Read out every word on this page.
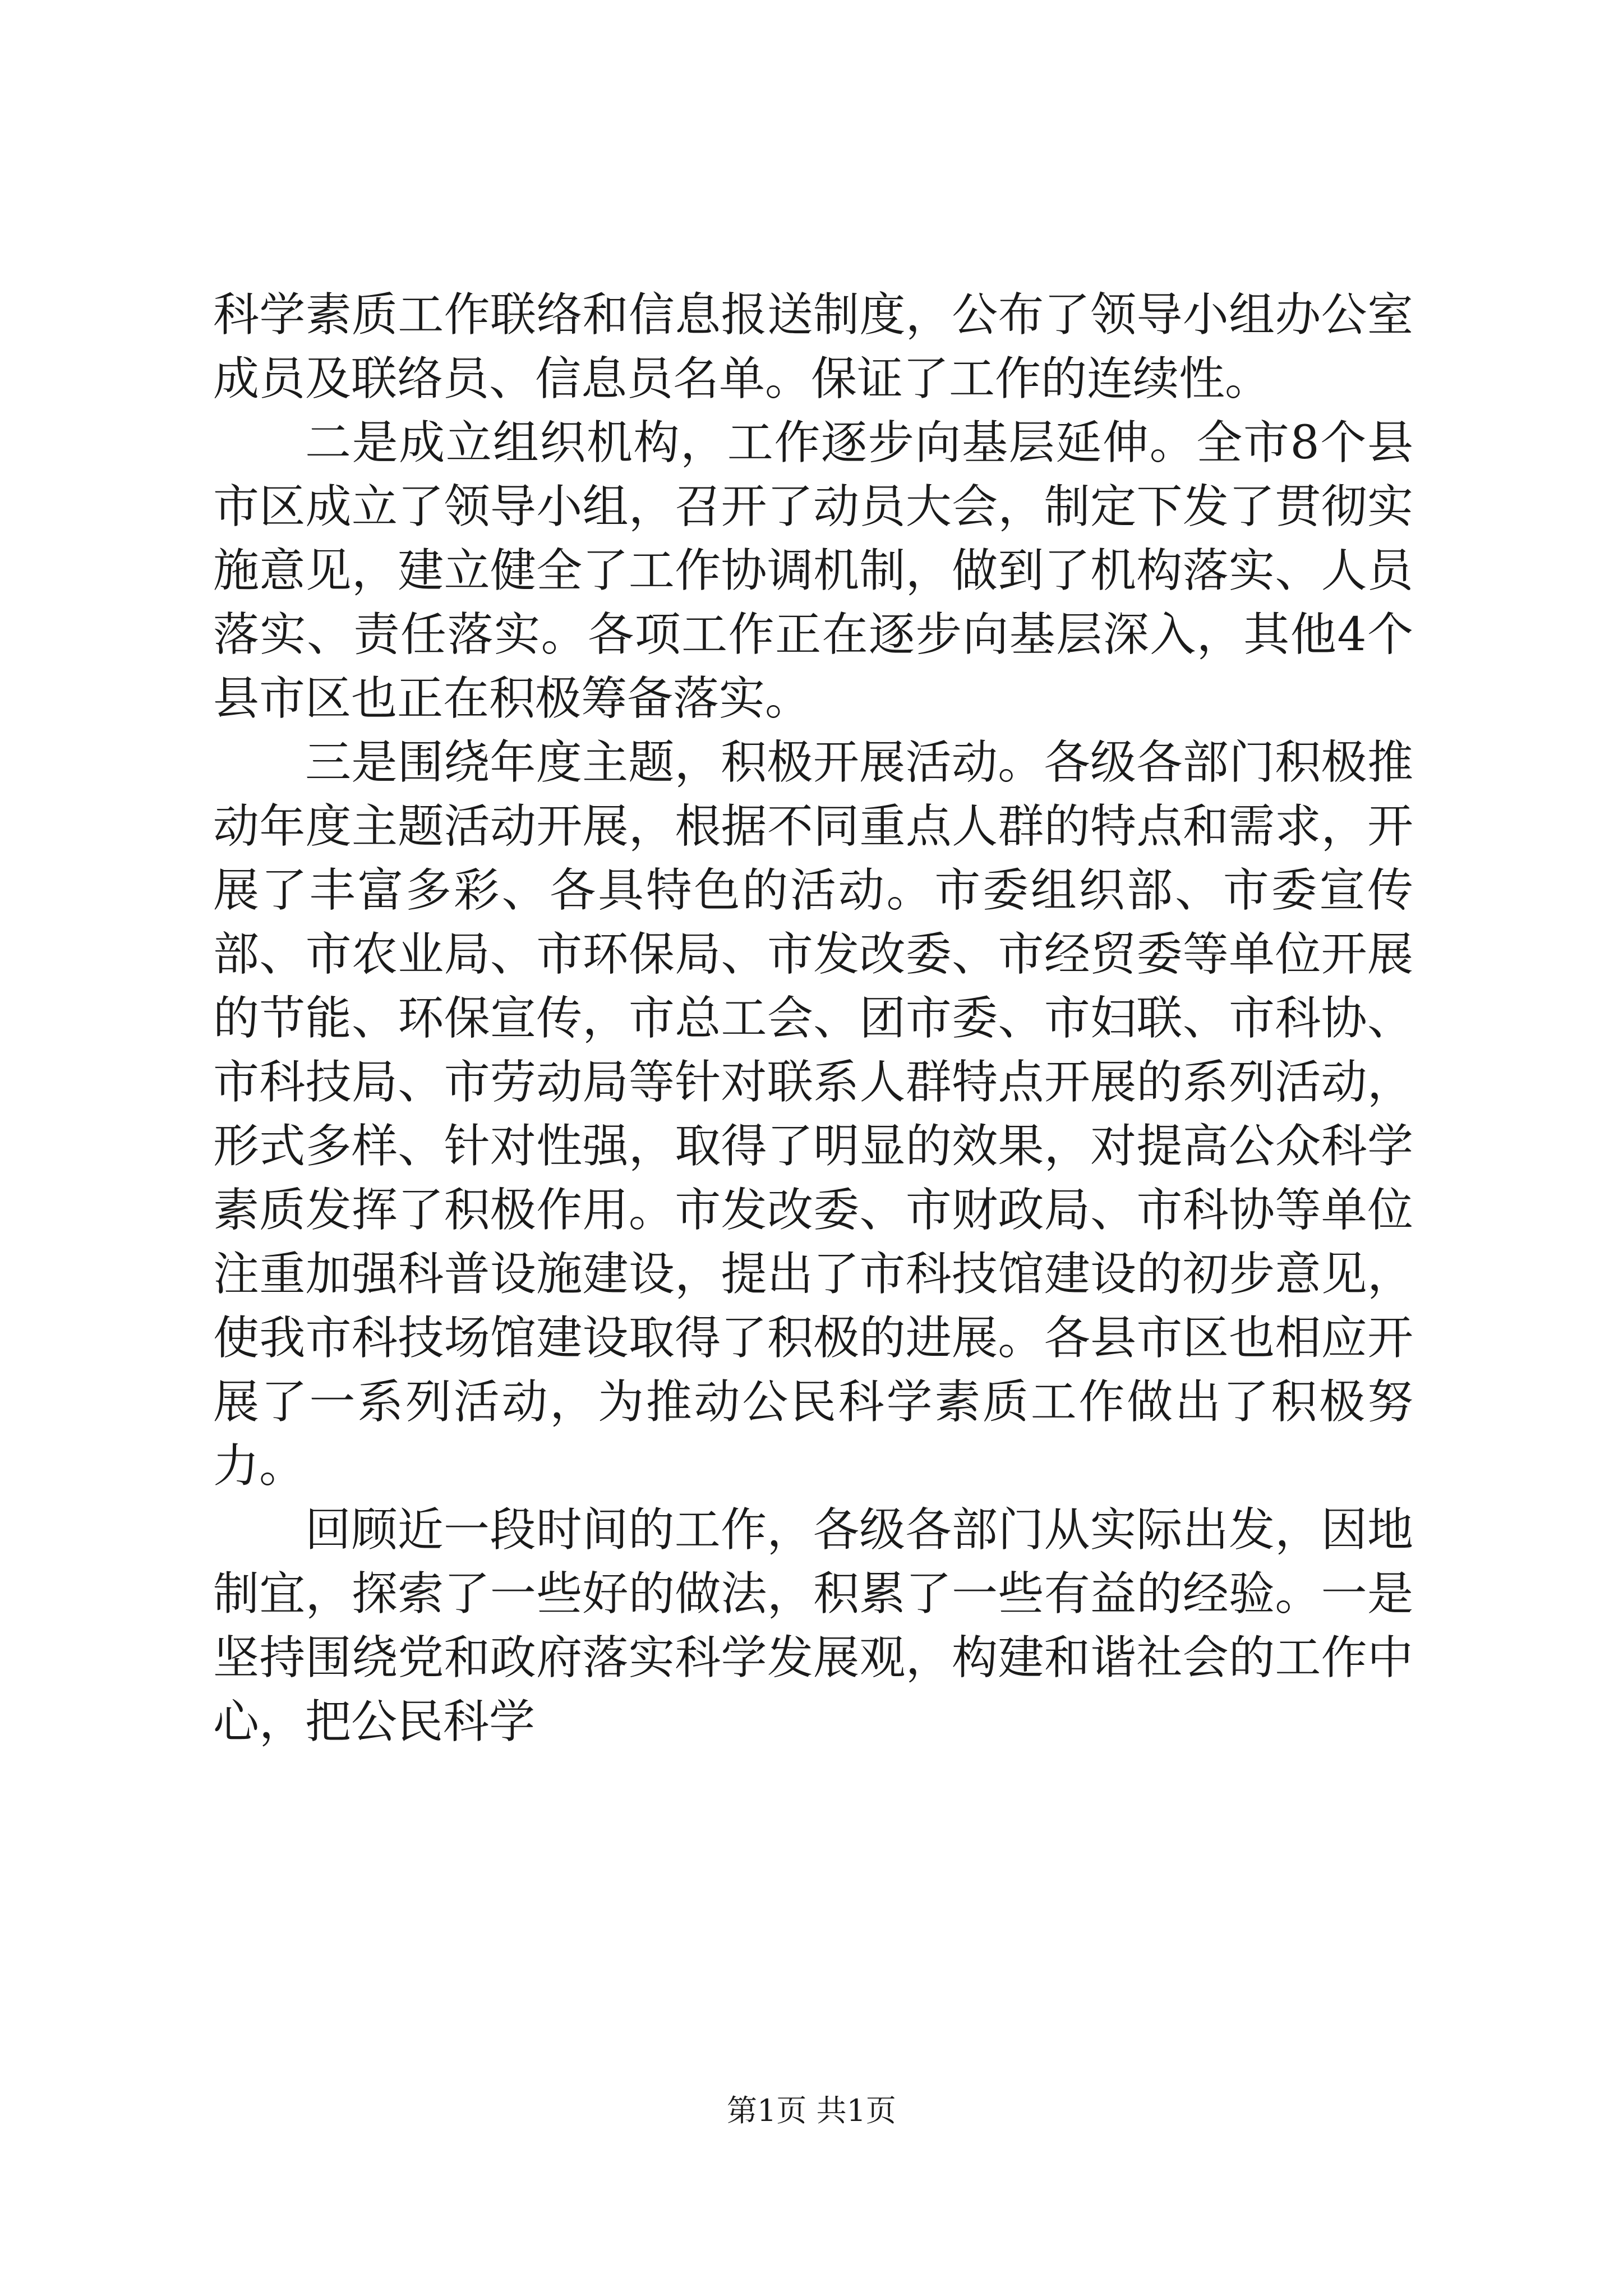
科学素质工作联络和信息报送制度，公布了领导小组办公室成员及联络员、信息员名单。保证了工作的连续性。

二是成立组织机构，工作逐步向基层延伸。全市8个县市区成立了领导小组，召开了动员大会，制定下发了贯彻实施意见，建立健全了工作协调机制，做到了机构落实、人员落实、责任落实。各项工作正在逐步向基层深入，其他4个县市区也正在积极筹备落实。

三是围绕年度主题，积极开展活动。各级各部门积极推动年度主题活动开展，根据不同重点人群的特点和需求，开展了丰富多彩、各具特色的活动。市委组织部、市委宣传部、市农业局、市环保局、市发改委、市经贸委等单位开展的节能、环保宣传，市总工会、团市委、市妇联、市科协、市科技局、市劳动局等针对联系人群特点开展的系列活动，形式多样、针对性强，取得了明显的效果，对提高公众科学素质发挥了积极作用。市发改委、市财政局、市科协等单位注重加强科普设施建设，提出了市科技馆建设的初步意见，使我市科技场馆建设取得了积极的进展。各县市区也相应开展了一系列活动，为推动公民科学素质工作做出了积极努力。

回顾近一段时间的工作，各级各部门从实际出发，因地制宜，探索了一些好的做法，积累了一些有益的经验。一是坚持围绕党和政府落实科学发展观，构建和谐社会的工作中心，把公民科学

第1页 共1页
